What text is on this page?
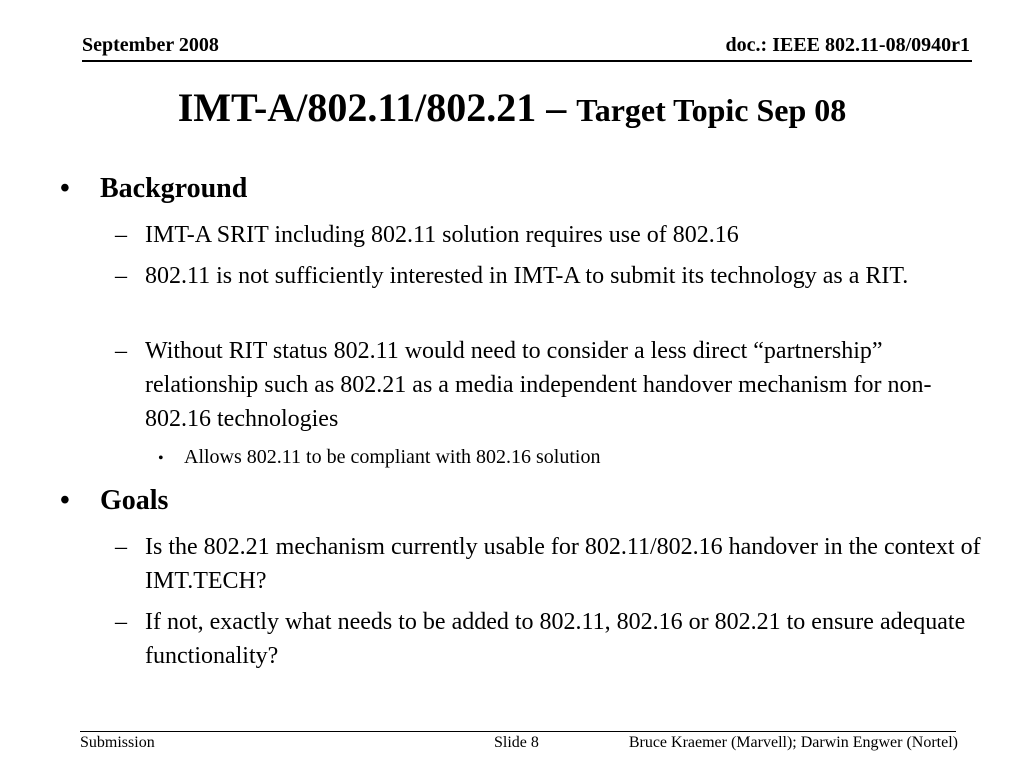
September 2008	doc.: IEEE 802.11-08/0940r1
IMT-A/802.11/802.21 – Target Topic Sep 08
• Background
– IMT-A SRIT including 802.11 solution requires use of 802.16
– 802.11 is not sufficiently interested in IMT-A to submit its technology as a RIT.
– Without RIT status 802.11 would need to consider a less direct “partnership” relationship such as 802.21 as a media independent handover mechanism for non-802.16 technologies
• Allows 802.11 to be compliant with 802.16 solution
• Goals
– Is the 802.21 mechanism currently usable for 802.11/802.16 handover in the context of IMT.TECH?
– If not, exactly what needs to be added to 802.11, 802.16 or 802.21 to ensure adequate functionality?
Submission	Slide 8	Bruce Kraemer (Marvell); Darwin Engwer (Nortel)
